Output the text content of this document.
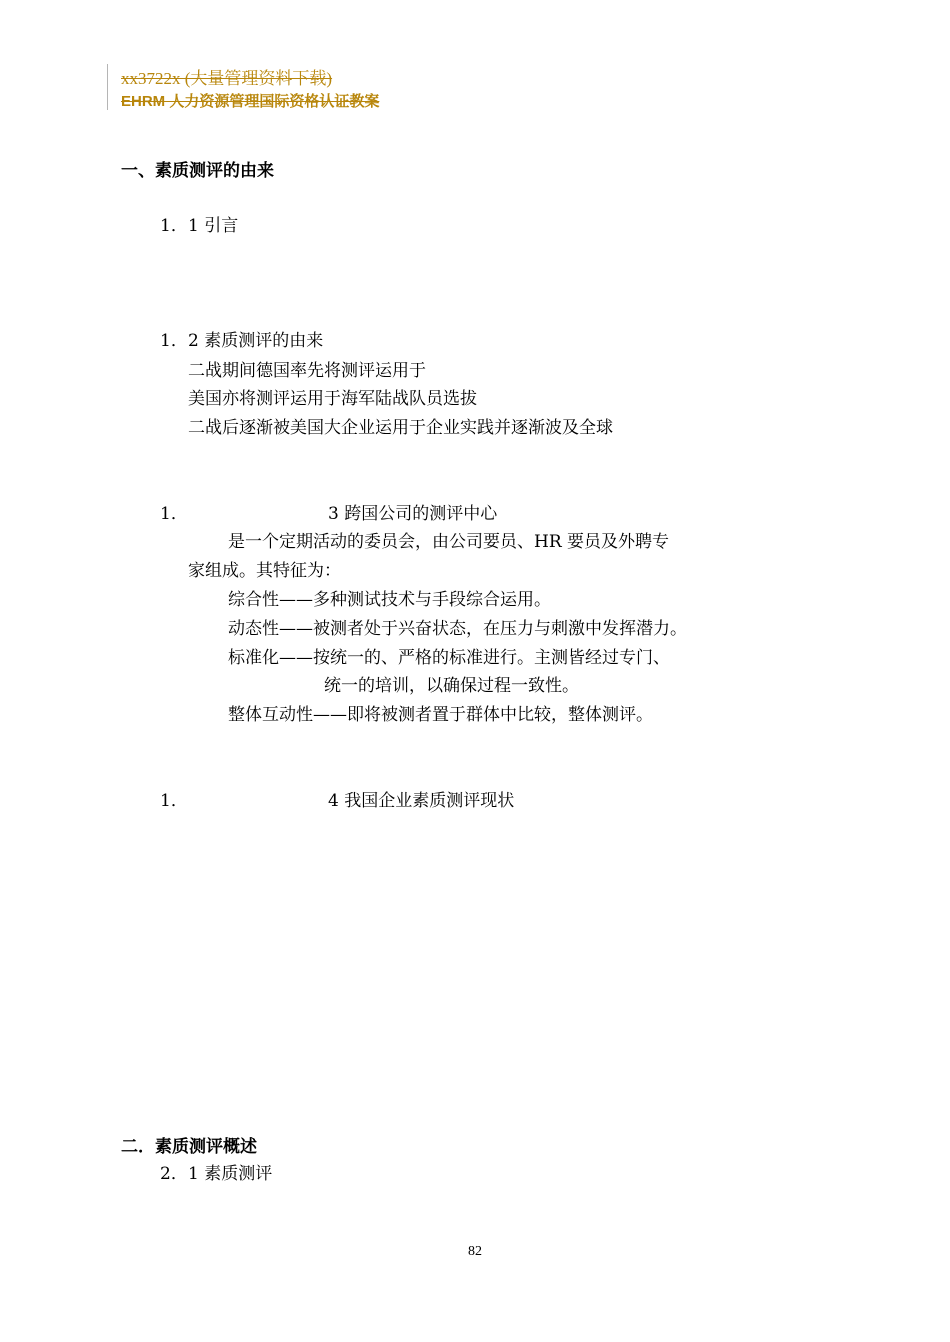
xx3722x (大量管理资料下载)
EHRM 人力资源管理国际资格认证教案
一、素质测评的由来
1．1 引言
1．2 素质测评的由来
二战期间德国率先将测评运用于
美国亦将测评运用于海军陆战队员选拔
二战后逐渐被美国大企业运用于企业实践并逐渐波及全球
1．	3 跨国公司的测评中心
是一个定期活动的委员会，由公司要员、HR 要员及外聘专
家组成。其特征为：
综合性——多种测试技术与手段综合运用。
动态性——被测者处于兴奋状态，在压力与刺激中发挥潜力。
标准化——按统一的、严格的标准进行。主测皆经过专门、
统一的培训，以确保过程一致性。
整体互动性——即将被测者置于群体中比较，整体测评。
1．	4 我国企业素质测评现状
二．素质测评概述
2．1 素质测评
82
